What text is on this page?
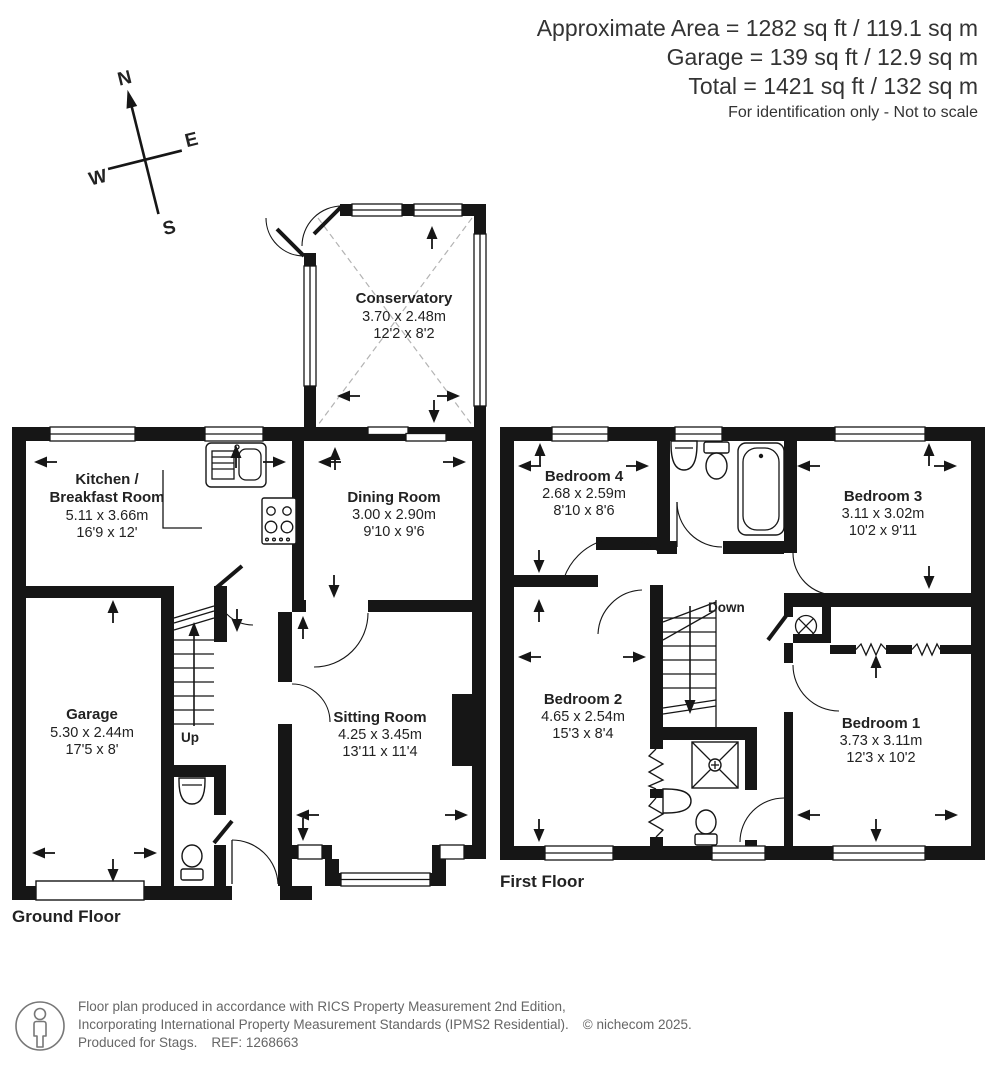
N
S
E
W
Conservatory
3.70 x 2.48m
12'2 x 8'2
Kitchen /
Breakfast Room
5.11 x 3.66m
16'9 x 12'
Dining Room
3.00 x 2.90m
9'10 x 9'6
Garage
5.30 x 2.44m
17'5 x 8'
Sitting Room
4.25 x 3.45m
13'11 x 11'4
Bedroom 4
2.68 x 2.59m
8'10 x 8'6
Bedroom 3
3.11 x 3.02m
10'2 x 9'11
Bedroom 2
4.65 x 2.54m
15'3 x 8'4
Bedroom 1
3.73 x 3.11m
12'3 x 10'2
Up
Down
Ground Floor
First Floor
Approximate Area = 1282 sq ft / 119.1 sq m
Garage = 139 sq ft / 12.9 sq m
Total = 1421 sq ft / 132 sq m
For identification only - Not to scale
Floor plan produced in accordance with RICS Property Measurement 2nd Edition,
Incorporating International Property Measurement Standards (IPMS2 Residential). © nichecom 2025.
Produced for Stags. REF: 1268663
